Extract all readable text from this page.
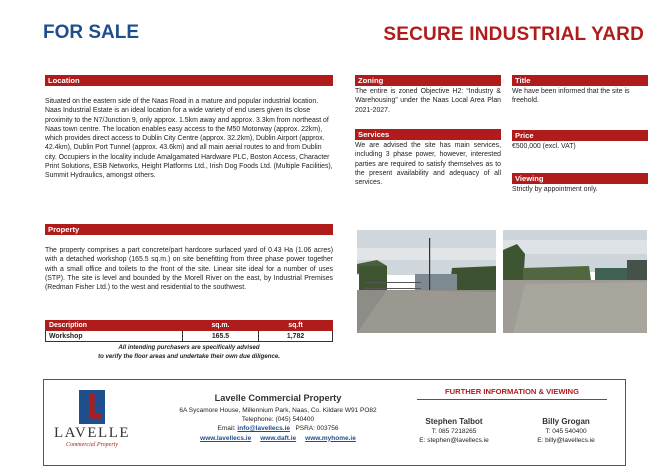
FOR SALE	SECURE INDUSTRIAL YARD
Location

Situated on the eastern side of the Naas Road in a mature and popular industrial location. Naas Industrial Estate is an ideal location for a wide variety of end users given its close proximity to the N7/Junction 9, only approx. 1.5km away and approx. 3.3km from northeast of Naas town centre. The location enables easy access to the M50 Motorway (approx. 22km), which provides direct access to Dublin City Centre (approx. 32.2km), Dublin Airport (approx. 42.4km), Dublin Port Tunnel (approx. 43.6km) and all main aerial routes to and from Dublin city. Occupiers in the locality include Amalgamated Hardware PLC, Boston Access, Character Print Solutions, ESB Networks, Height Platforms Ltd., Irish Dog Foods Ltd. (Multiple Facilities), Summit Hydraulics, amongst others.

Property

The property comprises a part concrete/part hardcore surfaced yard of 0.43 Ha (1.06 acres) with a detached workshop (165.5 sq.m.) on site benefitting from three phase power together with a small office and toilets to the front of the site. Linear site ideal for a number of uses (STP). The site is level and bounded by the Morell River on the east, by Industrial Premises (Redman Fisher Ltd.) to the west and residential to the southwest.

Zoning

The entire is zoned Objective H2: “Industry & Warehousing” under the Naas Local Area Plan 2021-2027.

Services

We are advised the site has main services, including 3 phase power, however, interested parties are required to satisfy themselves as to the present availability and adequacy of all services.

Title

We have been informed that the site is freehold.

Price

€500,000 (excl. VAT)

Viewing

Strictly by appointment only.

Description	sq.m.	sq.ft
Workshop	165.5	1,782
All intending purchasers are specifically advised
to verify the floor areas and undertake their own due diligence.
LAVELLE
Commercial Property
Lavelle Commercial Property
6A Sycamore House, Millennium Park, Naas, Co. Kildare W91 PO82
Telephone: (045) 540400
Email: info@lavellecs.ie PSRA: 003756
www.lavellecs.ie www.daft.ie www.myhome.ie
FURTHER INFORMATION & VIEWING
Stephen Talbot
T: 085 7218265
E: stephen@lavellecs.ie
Billy Grogan
T: 045 540400
E: billy@lavellecs.ie
